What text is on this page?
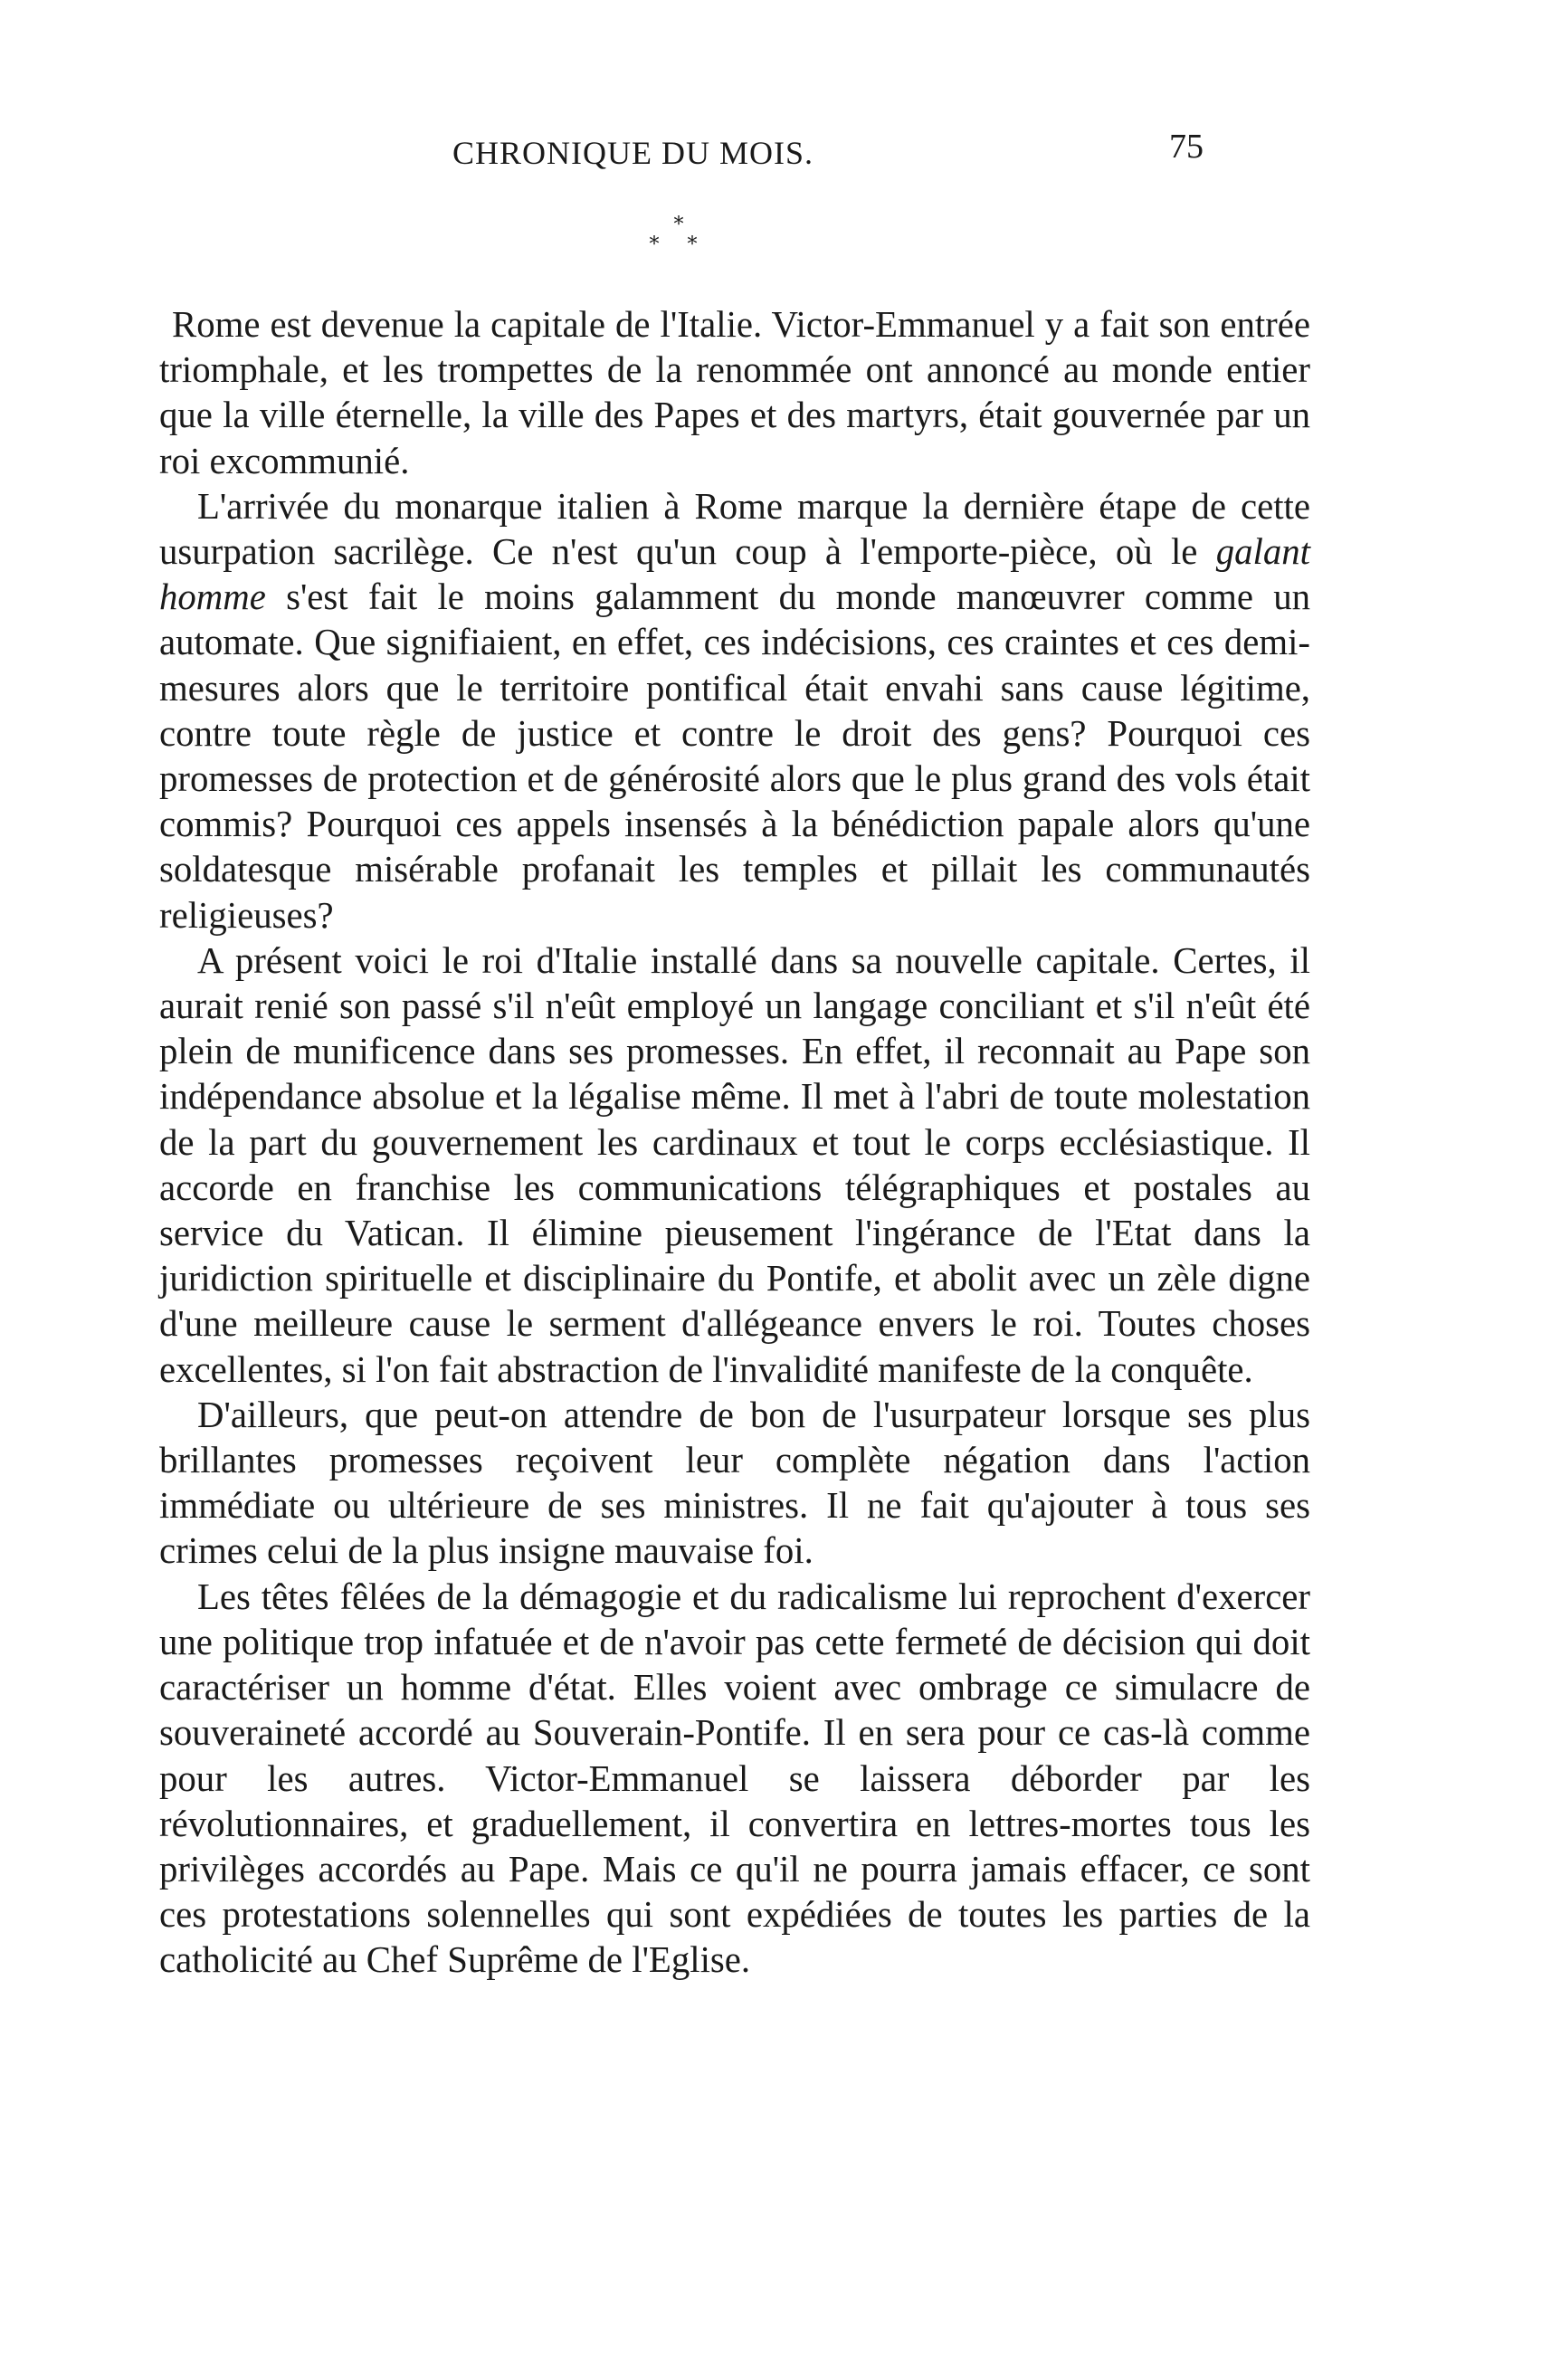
CHRONIQUE DU MOIS.	75
*
* *

Rome est devenue la capitale de l'Italie. Victor-Emmanuel y a fait son entrée triomphale, et les trompettes de la renommée ont annoncé au monde entier que la ville éternelle, la ville des Papes et des martyrs, était gouvernée par un roi excommunié.

L'arrivée du monarque italien à Rome marque la dernière étape de cette usurpation sacrilège. Ce n'est qu'un coup à l'emporte-pièce, où le galant homme s'est fait le moins galamment du monde manœuvrer comme un automate. Que signifiaient, en effet, ces indécisions, ces craintes et ces demi-mesures alors que le territoire pontifical était envahi sans cause légitime, contre toute règle de justice et contre le droit des gens? Pourquoi ces promesses de protection et de générosité alors que le plus grand des vols était commis? Pourquoi ces appels insensés à la bénédiction papale alors qu'une soldatesque misérable profanait les temples et pillait les communautés religieuses?

A présent voici le roi d'Italie installé dans sa nouvelle capitale. Certes, il aurait renié son passé s'il n'eût employé un langage conciliant et s'il n'eût été plein de munificence dans ses promesses. En effet, il reconnait au Pape son indépendance absolue et la légalise même. Il met à l'abri de toute molestation de la part du gouvernement les cardinaux et tout le corps ecclésiastique. Il accorde en franchise les communications télégraphiques et postales au service du Vatican. Il élimine pieusement l'ingérance de l'Etat dans la juridiction spirituelle et disciplinaire du Pontife, et abolit avec un zèle digne d'une meilleure cause le serment d'allégeance envers le roi. Toutes choses excellentes, si l'on fait abstraction de l'invalidité manifeste de la conquête.

D'ailleurs, que peut-on attendre de bon de l'usurpateur lorsque ses plus brillantes promesses reçoivent leur complète négation dans l'action immédiate ou ultérieure de ses ministres. Il ne fait qu'ajouter à tous ses crimes celui de la plus insigne mauvaise foi.

Les têtes fêlées de la démagogie et du radicalisme lui reprochent d'exercer une politique trop infatuée et de n'avoir pas cette fermeté de décision qui doit caractériser un homme d'état. Elles voient avec ombrage ce simulacre de souveraineté accordé au Souverain-Pontife. Il en sera pour ce cas-là comme pour les autres. Victor-Emmanuel se laissera déborder par les révolutionnaires, et graduellement, il convertira en lettres-mortes tous les privilèges accordés au Pape. Mais ce qu'il ne pourra jamais effacer, ce sont ces protestations solennelles qui sont expédiées de toutes les parties de la catholicité au Chef Suprême de l'Eglise.
